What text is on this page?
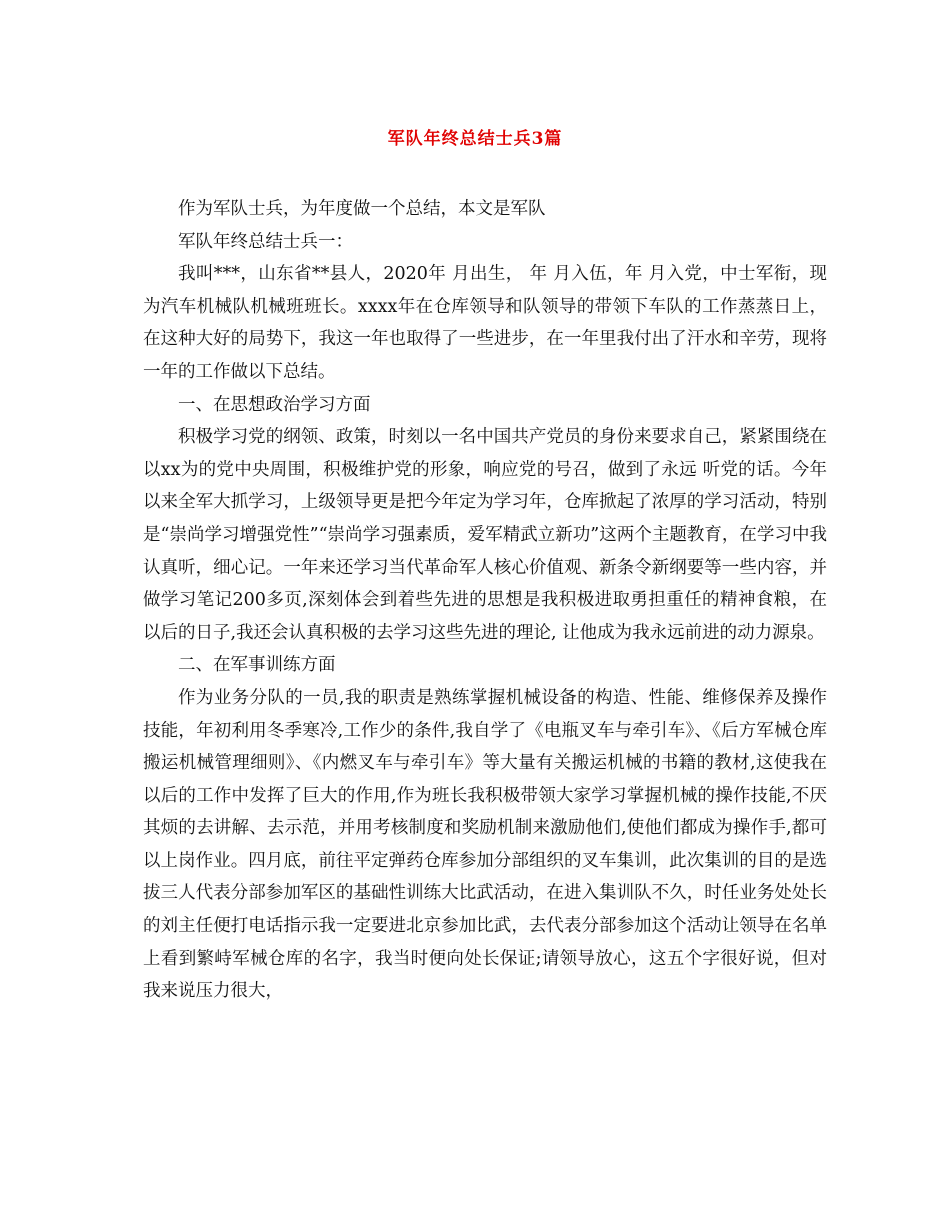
军队年终总结士兵3篇

作为军队士兵，为年度做一个总结，本文是军队

军队年终总结士兵一：

我叫***，山东省**县人，2020年 月出生， 年 月入伍，年 月入党，中士军衔，现为汽车机械队机械班班长。xxxx年在仓库领导和队领导的带领下车队的工作蒸蒸日上，在这种大好的局势下，我这一年也取得了一些进步，在一年里我付出了汗水和辛劳，现将一年的工作做以下总结。

一、在思想政治学习方面

积极学习党的纲领、政策，时刻以一名中国共产党员的身份来要求自己，紧紧围绕在以xx为的党中央周围，积极维护党的形象，响应党的号召，做到了永远 听党的话。今年以来全军大抓学习，上级领导更是把今年定为学习年，仓库掀起了浓厚的学习活动，特别是“崇尚学习增强党性”“崇尚学习强素质，爱军精武立新功”这两个主题教育，在学习中我认真听，细心记。一年来还学习当代革命军人核心价值观、新条令新纲要等一些内容，并做学习笔记200多页,深刻体会到着些先进的思想是我积极进取勇担重任的精神食粮，在以后的日子,我还会认真积极的去学习这些先进的理论, 让他成为我永远前进的动力源泉。

二、在军事训练方面

作为业务分队的一员,我的职责是熟练掌握机械设备的构造、性能、维修保养及操作技能，年初利用冬季寒冷,工作少的条件,我自学了《电瓶叉车与牵引车》、《后方军械仓库搬运机械管理细则》、《内燃叉车与牵引车》等大量有关搬运机械的书籍的教材,这使我在以后的工作中发挥了巨大的作用,作为班长我积极带领大家学习掌握机械的操作技能,不厌其烦的去讲解、去示范，并用考核制度和奖励机制来激励他们,使他们都成为操作手,都可以上岗作业。四月底，前往平定弹药仓库参加分部组织的叉车集训，此次集训的目的是选拔三人代表分部参加军区的基础性训练大比武活动，在进入集训队不久，时任业务处处长的刘主任便打电话指示我一定要进北京参加比武，去代表分部参加这个活动让领导在名单上看到繁峙军械仓库的名字，我当时便向处长保证;请领导放心，这五个字很好说，但对我来说压力很大，
